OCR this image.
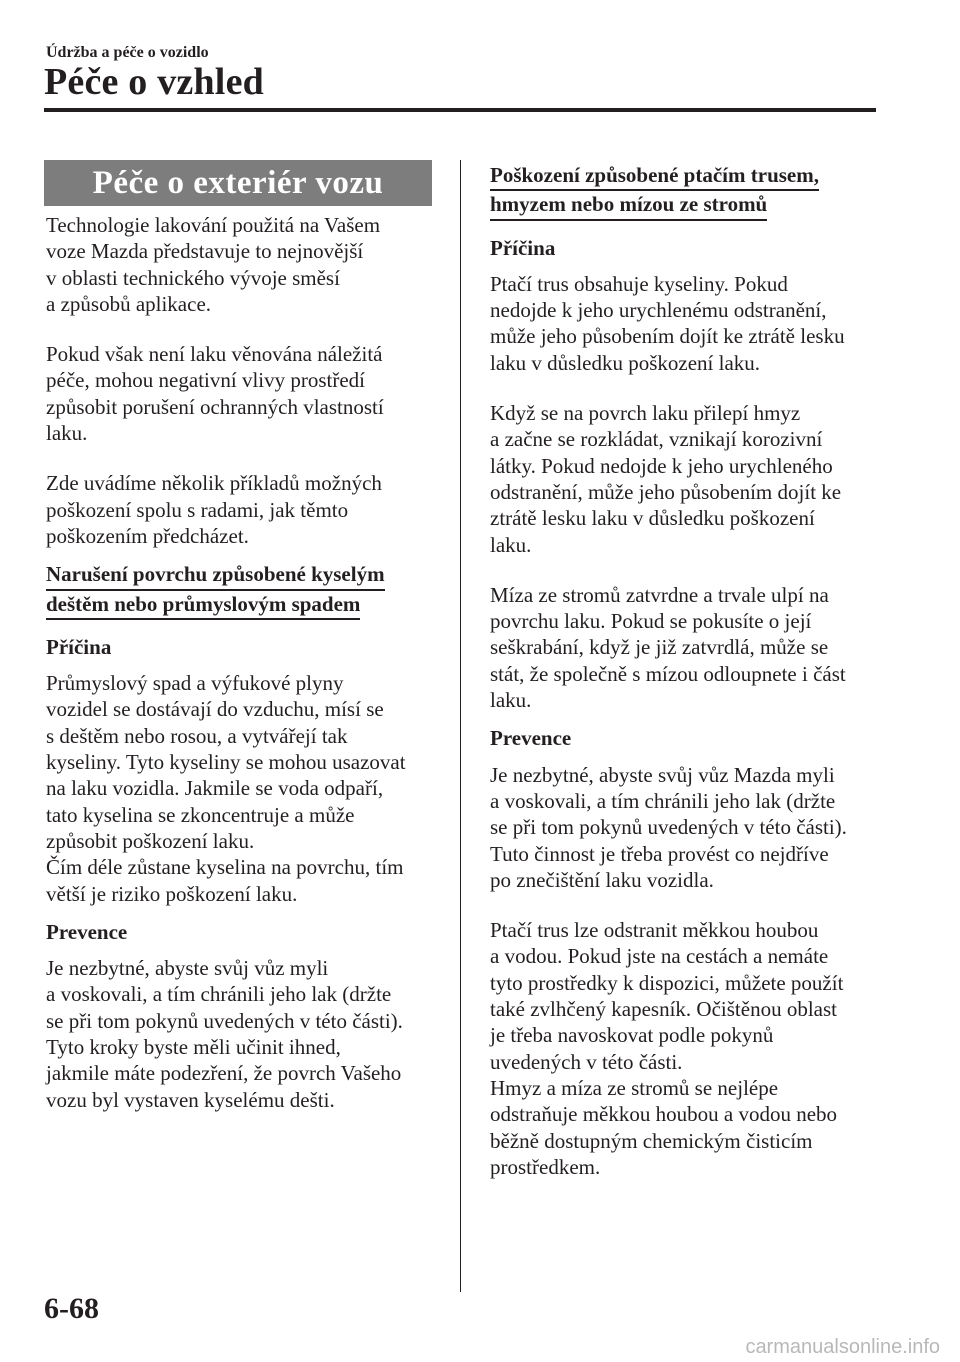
Údržba a péče o vozidlo
Péče o vzhled
Péče o exteriér vozu

Technologie lakování použitá na Vašem
voze Mazda představuje to nejnovější
v oblasti technického vývoje směsí
a způsobů aplikace.

Pokud však není laku věnována náležitá
péče, mohou negativní vlivy prostředí
způsobit porušení ochranných vlastností
laku.

Zde uvádíme několik příkladů možných
poškození spolu s radami, jak těmto
poškozením předcházet.

Narušení povrchu způsobené kyselým
deštěm nebo průmyslovým spadem

Příčina

Průmyslový spad a výfukové plyny
vozidel se dostávají do vzduchu, mísí se
s deštěm nebo rosou, a vytvářejí tak
kyseliny. Tyto kyseliny se mohou usazovat
na laku vozidla. Jakmile se voda odpaří,
tato kyselina se zkoncentruje a může
způsobit poškození laku.
Čím déle zůstane kyselina na povrchu, tím
větší je riziko poškození laku.

Prevence

Je nezbytné, abyste svůj vůz myli
a voskovali, a tím chránili jeho lak (držte
se při tom pokynů uvedených v této části).
Tyto kroky byste měli učinit ihned,
jakmile máte podezření, že povrch Vašeho
vozu byl vystaven kyselému dešti.

Poškození způsobené ptačím trusem,
hmyzem nebo mízou ze stromů

Příčina

Ptačí trus obsahuje kyseliny. Pokud
nedojde k jeho urychlenému odstranění,
může jeho působením dojít ke ztrátě lesku
laku v důsledku poškození laku.

Když se na povrch laku přilepí hmyz
a začne se rozkládat, vznikají korozivní
látky. Pokud nedojde k jeho urychleného
odstranění, může jeho působením dojít ke
ztrátě lesku laku v důsledku poškození
laku.

Míza ze stromů zatvrdne a trvale ulpí na
povrchu laku. Pokud se pokusíte o její
seškrabání, když je již zatvrdlá, může se
stát, že společně s mízou odloupnete i část
laku.

Prevence

Je nezbytné, abyste svůj vůz Mazda myli
a voskovali, a tím chránili jeho lak (držte
se při tom pokynů uvedených v této části).
Tuto činnost je třeba provést co nejdříve
po znečištění laku vozidla.

Ptačí trus lze odstranit měkkou houbou
a vodou. Pokud jste na cestách a nemáte
tyto prostředky k dispozici, můžete použít
také zvlhčený kapesník. Očištěnou oblast
je třeba navoskovat podle pokynů
uvedených v této části.
Hmyz a míza ze stromů se nejlépe
odstraňuje měkkou houbou a vodou nebo
běžně dostupným chemickým čisticím
prostředkem.

6-68
carmanualsonline.info
